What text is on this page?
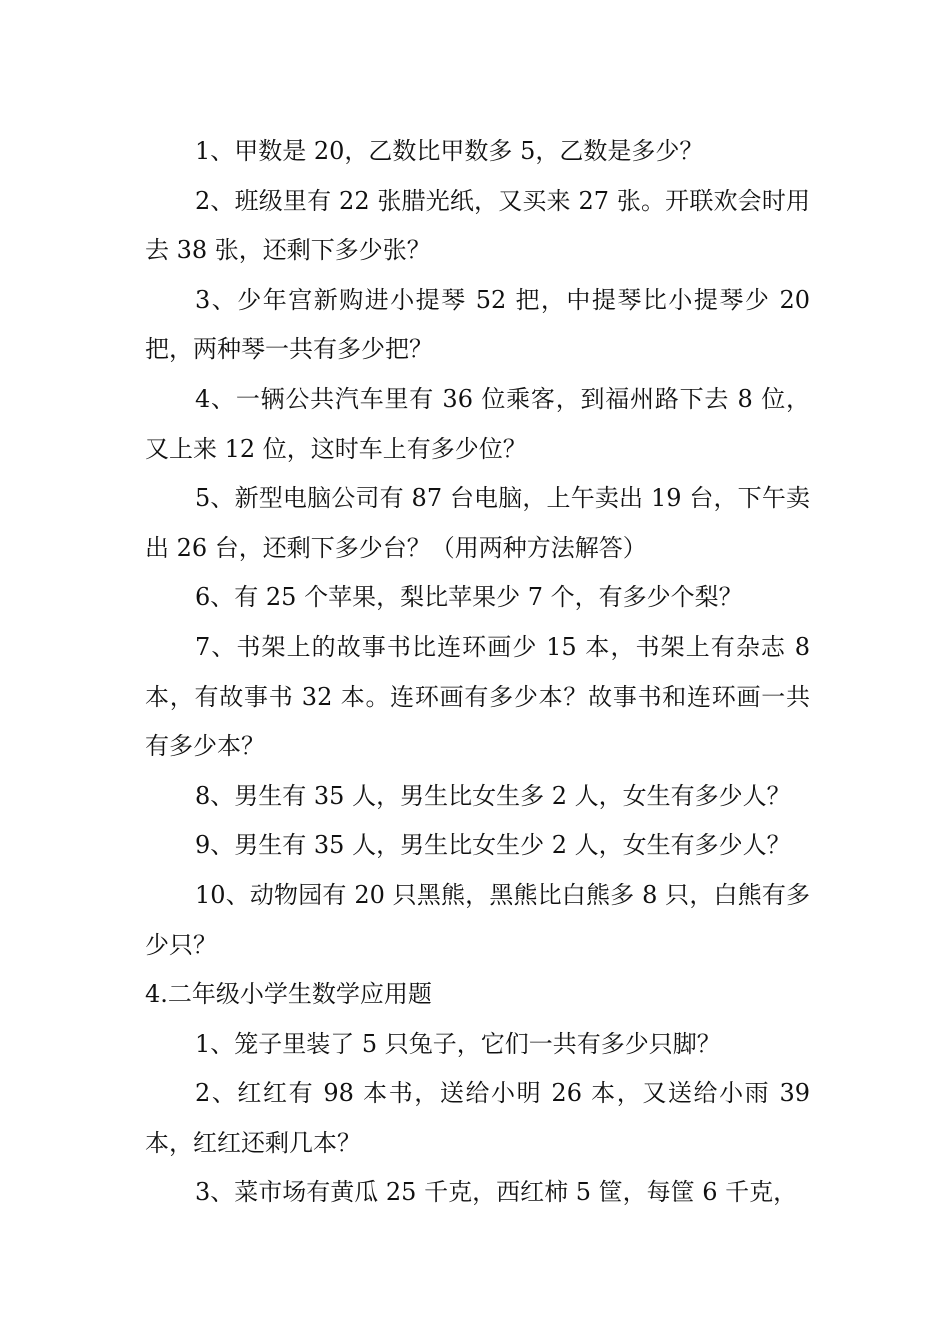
1、甲数是 20，乙数比甲数多 5，乙数是多少？

2、班级里有 22 张腊光纸，又买来 27 张。开联欢会时用去 38 张，还剩下多少张？

3、少年宫新购进小提琴 52 把，中提琴比小提琴少 20 把，两种琴一共有多少把？

4、一辆公共汽车里有 36 位乘客，到福州路下去 8 位，又上来 12 位，这时车上有多少位？

5、新型电脑公司有 87 台电脑，上午卖出 19 台，下午卖出 26 台，还剩下多少台？（用两种方法解答）

6、有 25 个苹果，梨比苹果少 7 个，有多少个梨？

7、书架上的故事书比连环画少 15 本，书架上有杂志 8 本，有故事书 32 本。连环画有多少本？故事书和连环画一共有多少本？

8、男生有 35 人，男生比女生多 2 人，女生有多少人？

9、男生有 35 人，男生比女生少 2 人，女生有多少人？

10、动物园有 20 只黑熊，黑熊比白熊多 8 只，白熊有多少只？

4.二年级小学生数学应用题

1、笼子里装了 5 只兔子，它们一共有多少只脚？

2、红红有 98 本书，送给小明 26 本，又送给小雨 39 本，红红还剩几本？

3、菜市场有黄瓜 25 千克，西红柿 5 筐，每筐 6 千克，
